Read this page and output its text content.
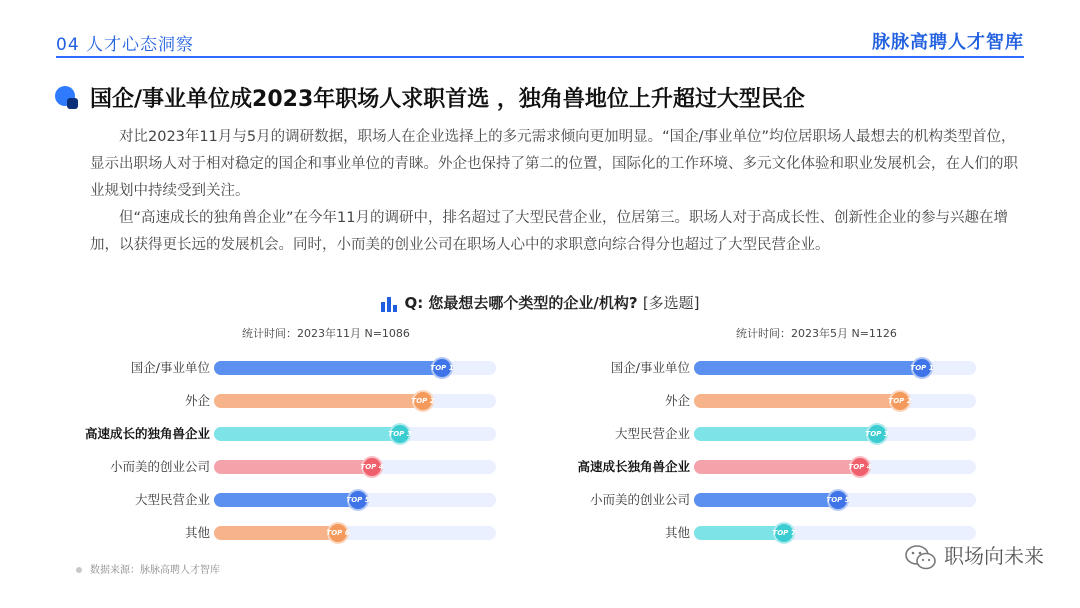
04 人才心态洞察	脉脉高聘人才智库
国企/事业单位成2023年职场人求职首选 ，独角兽地位上升超过大型民企

对比2023年11月与5月的调研数据，职场人在企业选择上的多元需求倾向更加明显。“国企/事业单位”均位居职场人最想去的机构类型首位，显示出职场人对于相对稳定的国企和事业单位的青睐。外企也保持了第二的位置，国际化的工作环境、多元文化体验和职业发展机会，在人们的职业规划中持续受到关注。

但“高速成长的独角兽企业”在今年11月的调研中，排名超过了大型民营企业，位居第三。职场人对于高成长性、创新性企业的参与兴趣在增加，以获得更长远的发展机会。同时，小而美的创业公司在职场人心中的求职意向综合得分也超过了大型民营企业。

Q: 您最想去哪个类型的企业/机构? [多选题]
统计时间：2023年11月 N=1086
国企/事业单位	TOP 1
外企	TOP 2
高速成长的独角兽企业	TOP 3
小而美的创业公司	TOP 4
大型民营企业	TOP 5
其他	TOP 6
统计时间：2023年5月 N=1126
国企/事业单位	TOP 1
外企	TOP 2
大型民营企业	TOP 3
高速成长独角兽企业	TOP 4
小而美的创业公司	TOP 5
其他	TOP 7
数据来源：脉脉高聘人才智库
职场向未来
